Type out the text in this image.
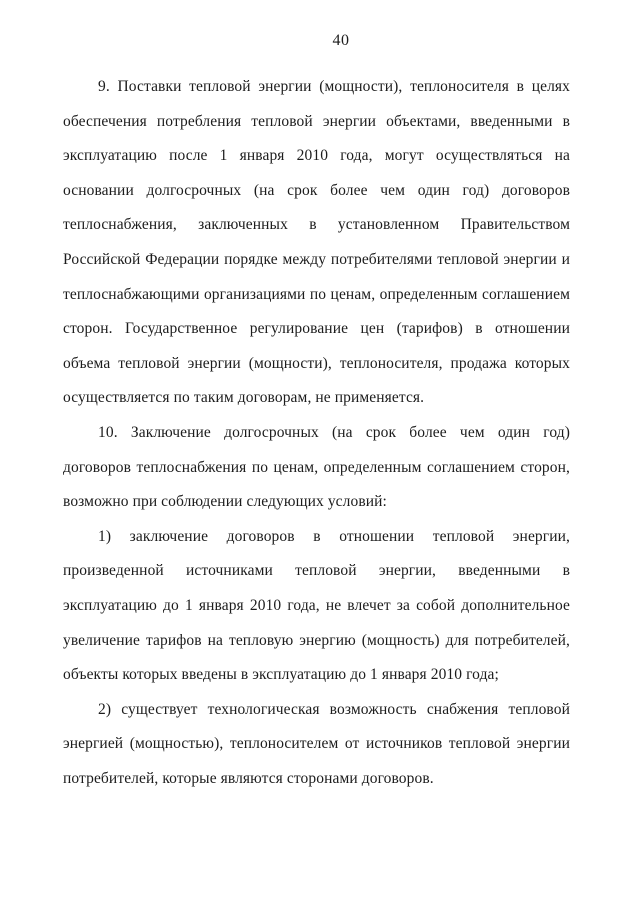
40
9. Поставки тепловой энергии (мощности), теплоносителя в целях
обеспечения потребления тепловой энергии объектами, введенными в
эксплуатацию после 1 января 2010 года, могут осуществляться на
основании долгосрочных (на срок более чем один год) договоров
теплоснабжения, заключенных в установленном Правительством
Российской Федерации порядке между потребителями тепловой энергии и
теплоснабжающими организациями по ценам, определенным соглашением
сторон. Государственное регулирование цен (тарифов) в отношении
объема тепловой энергии (мощности), теплоносителя, продажа которых
осуществляется по таким договорам, не применяется.
10. Заключение долгосрочных (на срок более чем один год)
договоров теплоснабжения по ценам, определенным соглашением сторон,
возможно при соблюдении следующих условий:
1) заключение договоров в отношении тепловой энергии,
произведенной источниками тепловой энергии, введенными в
эксплуатацию до 1 января 2010 года, не влечет за собой дополнительное
увеличение тарифов на тепловую энергию (мощность) для потребителей,
объекты которых введены в эксплуатацию до 1 января 2010 года;
2) существует технологическая возможность снабжения тепловой
энергией (мощностью), теплоносителем от источников тепловой энергии
потребителей, которые являются сторонами договоров.
